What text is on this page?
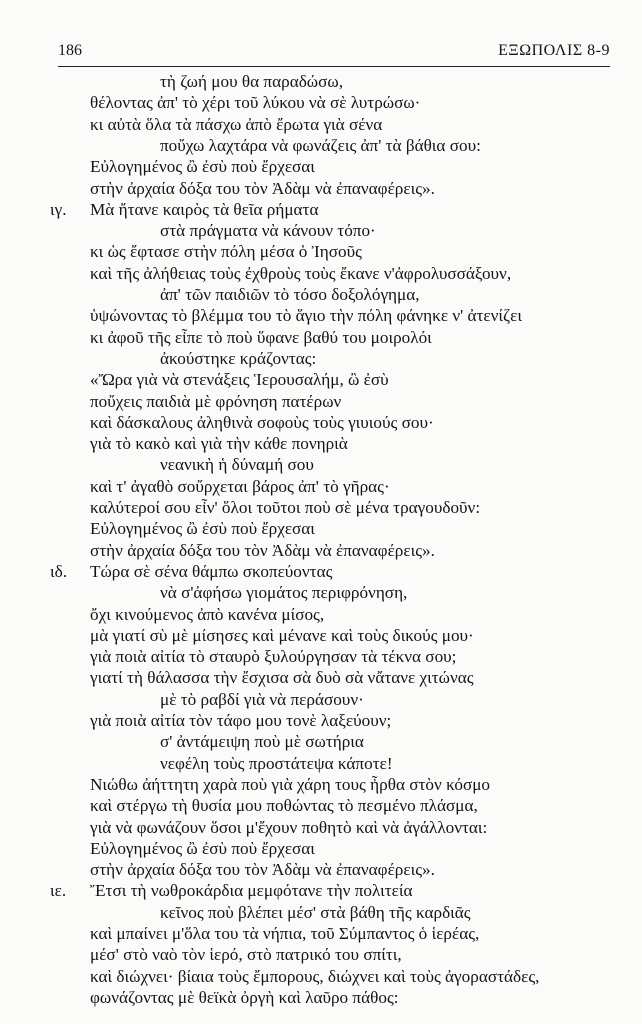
186	ΕΞΩΠΟΛΙΣ 8-9
τὴ ζωή μου θα παραδώσω,
θέλοντας ἀπ' τὸ χέρι τοῦ λύκου νὰ σὲ λυτρώσω·
κι αὐτὰ ὅλα τὰ πάσχω ἀπὸ ἔρωτα γιὰ σένα
ποὔχω λαχτάρα νὰ φωνάζεις ἀπ' τὰ βάθια σου:
Εὐλογημένος ὢ ἐσὺ ποὺ ἔρχεσαι
στὴν ἀρχαία δόξα του τὸν Ἀδὰμ νὰ ἐπαναφέρεις».
ιγ. Μὰ ἤτανε καιρὸς τὰ θεῖα ρήματα
στὰ πράγματα νὰ κάνουν τόπο·
κι ὡς ἔφτασε στὴν πόλη μέσα ὁ Ἰησοῦς
καὶ τῆς ἀλήθειας τοὺς ἐχθροὺς τοὺς ἔκανε ν'ἀφρολυσσάξουν,
ἀπ' τῶν παιδιῶν τὸ τόσο δοξολόγημα,
ὑψώνοντας τὸ βλέμμα του τὸ ἅγιο τὴν πόλη φάνηκε ν' ἀτενίζει
κι ἀφοῦ τῆς εἶπε τὸ ποὺ ὕφανε βαθύ του μοιρολόι
ἀκούστηκε κράζοντας:
«Ὤρα γιὰ νὰ στενάξεις Ἱερουσαλήμ, ὢ ἐσὺ
ποὔχεις παιδιὰ μὲ φρόνηση πατέρων
καὶ δάσκαλους ἀληθινὰ σοφοὺς τοὺς γιυιούς σου·
γιὰ τὸ κακὸ καὶ γιὰ τὴν κάθε πονηριὰ
νεανικὴ ἡ δύναμή σου
καὶ τ' ἀγαθὸ σοὔρχεται βάρος ἀπ' τὸ γῆρας·
καλύτεροί σου εἶν' ὅλοι τοῦτοι ποὺ σὲ μένα τραγουδοῦν:
Εὐλογημένος ὢ ἐσὺ ποὺ ἔρχεσαι
στὴν ἀρχαία δόξα του τὸν Ἀδὰμ νὰ ἐπαναφέρεις».
ιδ. Τώρα σὲ σένα θάμπω σκοπεύοντας
νὰ σ'ἀφήσω γιομάτος περιφρόνηση,
ὄχι κινούμενος ἀπὸ κανένα μίσος,
μὰ γιατί σὺ μὲ μίσησες καὶ μένανε καὶ τοὺς δικούς μου·
γιὰ ποιὰ αἰτία τὸ σταυρὸ ξυλούργησαν τὰ τέκνα σου;
γιατί τὴ θάλασσα τὴν ἔσχισα σὰ δυὸ σὰ νἄτανε χιτώνας
μὲ τὸ ραβδί γιὰ νὰ περάσουν·
γιὰ ποιὰ αἰτία τὸν τάφο μου τονὲ λαξεύουν;
σ' ἀντάμειψη ποὺ μὲ σωτήρια
νεφέλη τοὺς προστάτεψα κάποτε!
Νιώθω ἀήττητη χαρὰ ποὺ γιὰ χάρη τους ἦρθα στὸν κόσμο
καὶ στέργω τὴ θυσία μου ποθώντας τὸ πεσμένο πλάσμα,
γιὰ νὰ φωνάζουν ὅσοι μ'ἔχουν ποθητὸ καὶ νὰ ἀγάλλονται:
Εὐλογημένος ὢ ἐσὺ ποὺ ἔρχεσαι
στὴν ἀρχαία δόξα του τὸν Ἀδὰμ νὰ ἐπαναφέρεις».
ιε. Ἔτσι τὴ νωθροκάρδια μεμφότανε τὴν πολιτεία
κεῖνος ποὺ βλέπει μέσ' στὰ βάθη τῆς καρδιᾶς
καὶ μπαίνει μ'ὅλα του τὰ νήπια, τοῦ Σύμπαντος ὁ ἱερέας,
μέσ' στὸ ναὸ τὸν ἱερό, στὸ πατρικό του σπίτι,
καὶ διώχνει· βίαια τοὺς ἔμπορους, διώχνει καὶ τοὺς ἀγοραστάδες,
φωνάζοντας μὲ θεϊκὰ ὀργὴ καὶ λαῦρο πάθος:
